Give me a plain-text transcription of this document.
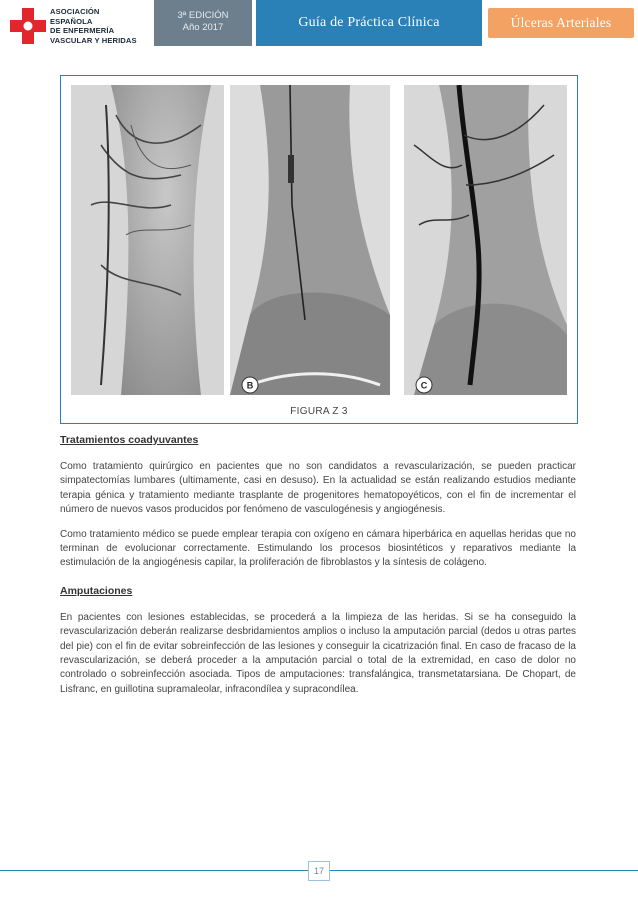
ASOCIACIÓN
ESPAÑOLA
DE ENFERMERÍA
VASCULAR Y HERIDAS
3ª EDICIÓN
Año 2017	Guía de Práctica Clínica	Úlceras Arteriales
B	C
FIGURA Z 3

Tratamientos coadyuvantes

Como tratamiento quirúrgico en pacientes que no son candidatos a revascularización, se pueden practicar simpatectomías lumbares (ultimamente, casi en desuso). En la actualidad se están realizando estudios mediante terapia génica y tratamiento mediante trasplante de progenitores hematopoyéticos, con el fin de incrementar el número de nuevos vasos producidos por fenómeno de vasculogénesis y angiogénesis.

Como tratamiento médico se puede emplear terapia con oxígeno en cámara hiperbárica en aquellas heridas que no terminan de evolucionar correctamente. Estimulando los procesos biosintéticos y reparativos mediante la estimulación de la angiogénesis capilar, la proliferación de fibroblastos y la síntesis de colágeno.

Amputaciones

En pacientes con lesiones establecidas, se procederá a la limpieza de las heridas. Si se ha conseguido la revascularización deberán realizarse desbridamientos amplios o incluso la amputación parcial (dedos u otras partes del pie) con el fin de evitar sobreinfección de las lesiones y conseguir la cicatrización final. En caso de fracaso de la revascularización, se deberá proceder a la amputación parcial o total de la extremidad, en caso de dolor no controlado o sobreinfección asociada. Tipos de amputaciones: transfalángica, transmetatarsiana. De Chopart, de Lisfranc, en guillotina supramaleolar, infracondílea y supracondílea.

17
